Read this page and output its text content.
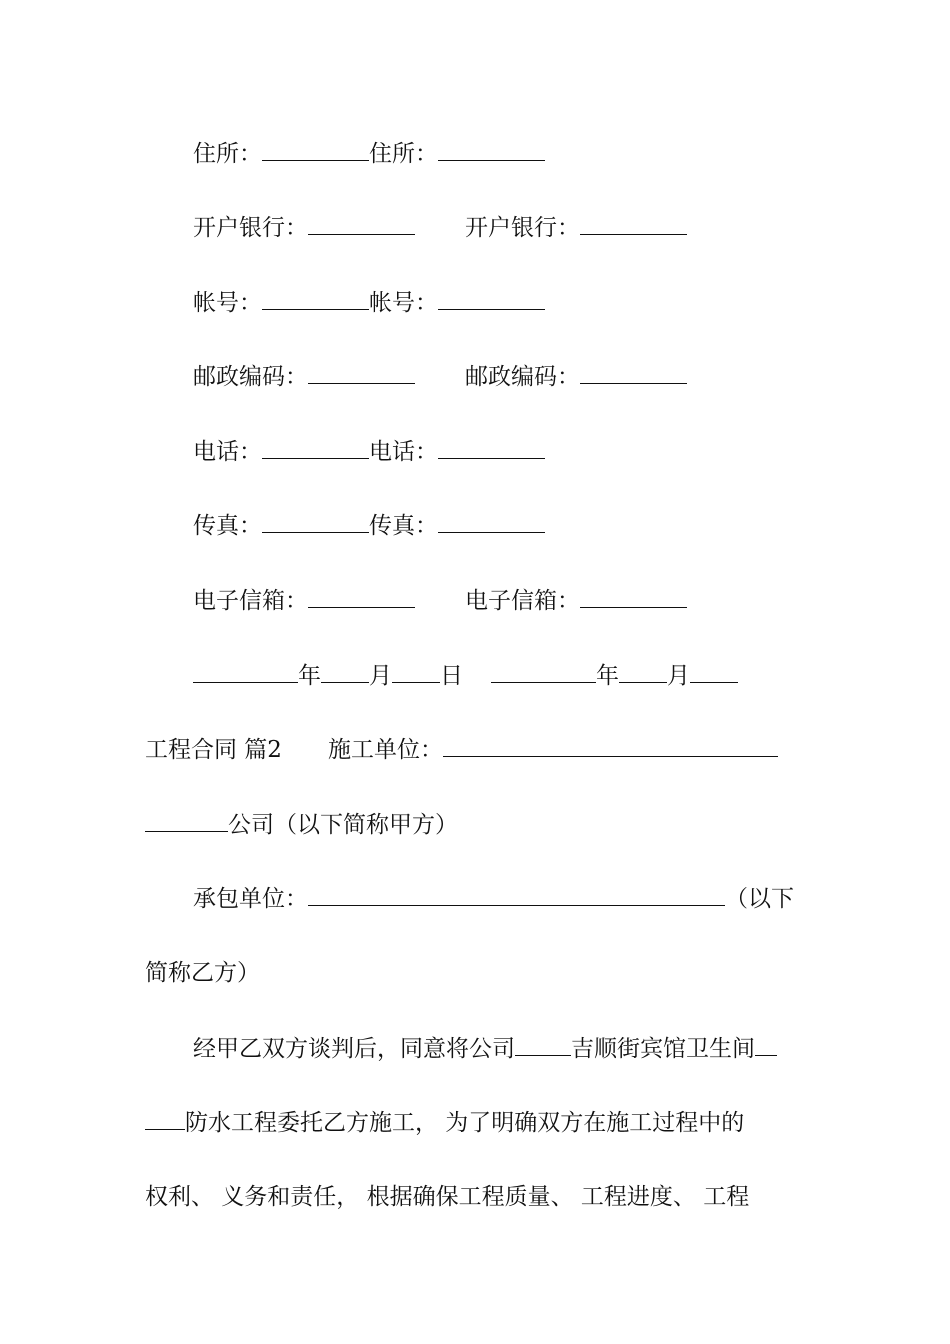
住所：	住所：
开户银行：	开户银行：
帐号：	帐号：
邮政编码：	邮政编码：
电话：	电话：
传真：	传真：
电子信箱：	电子信箱：
年 月 日	年 月
工程合同 篇2 施工单位：
公司（以下简称甲方）
承包单位：	（以下
简称乙方）
经甲乙双方谈判后，同意将公司 吉顺街宾馆卫生间
防水工程委托乙方施工， 为了明确双方在施工过程中的
权利、 义务和责任， 根据确保工程质量、 工程进度、 工程
